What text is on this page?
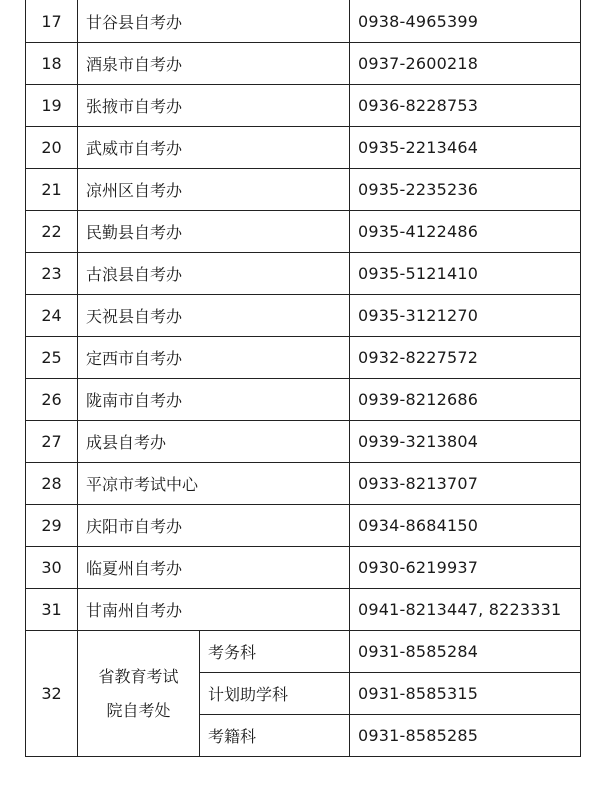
17	甘谷县自考办		0938-4965399
18	酒泉市自考办		0937-2600218
19	张掖市自考办		0936-8228753
20	武威市自考办		0935-2213464
21	凉州区自考办		0935-2235236
22	民勤县自考办		0935-4122486
23	古浪县自考办		0935-5121410
24	天祝县自考办		0935-3121270
25	定西市自考办		0932-8227572
26	陇南市自考办		0939-8212686
27	成县自考办		0939-3213804
28	平凉市考试中心		0933-8213707
29	庆阳市自考办		0934-8684150
30	临夏州自考办		0930-6219937
31	甘南州自考办		0941-8213447, 8223331
32	省教育考试
院自考处	考务科	0931-8585284
		计划助学科	0931-8585315
		考籍科	0931-8585285
